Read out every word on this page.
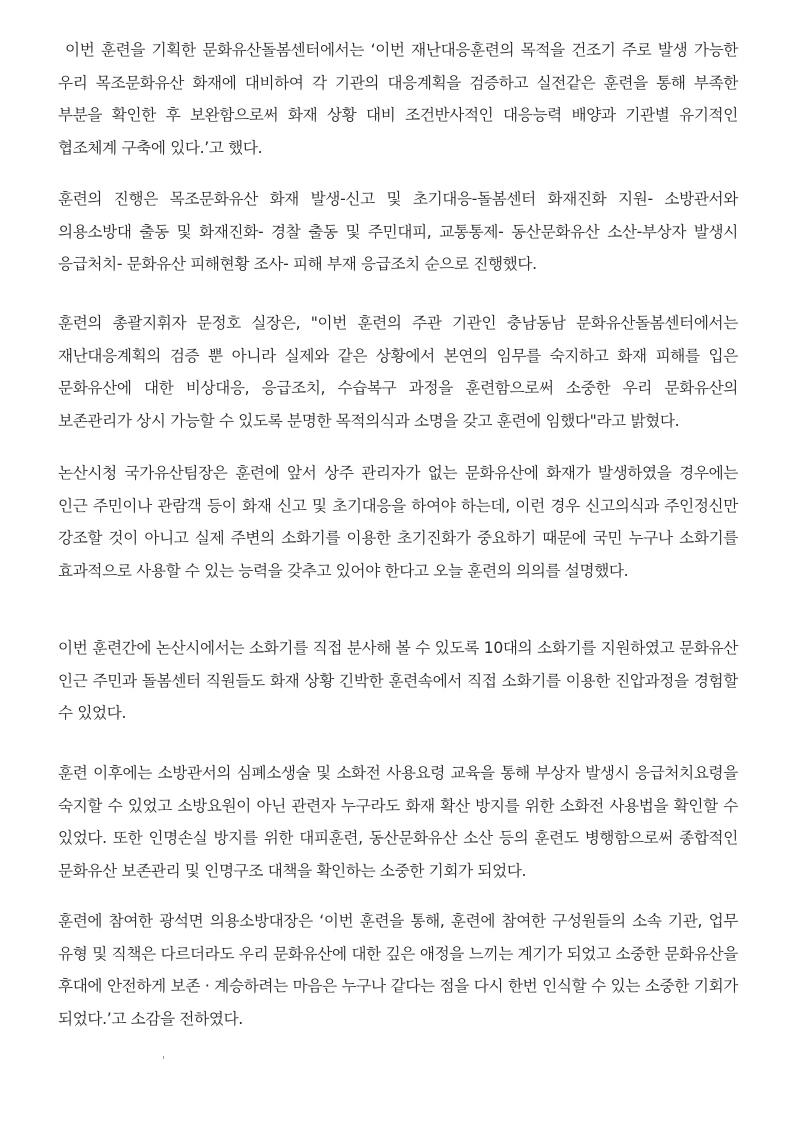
이번 훈련을 기획한 문화유산돌봄센터에서는 ‘이번 재난대응훈련의 목적을 건조기 주로 발생 가능한 우리 목조문화유산 화재에 대비하여 각 기관의 대응계획을 검증하고 실전같은 훈련을 통해 부족한 부분을 확인한 후 보완함으로써 화재 상황 대비 조건반사적인 대응능력 배양과 기관별 유기적인 협조체계 구축에 있다.’고 했다.

훈련의 진행은 목조문화유산 화재 발생-신고 및 초기대응-돌봄센터 화재진화 지원- 소방관서와 의용소방대 출동 및 화재진화- 경찰 출동 및 주민대피, 교통통제- 동산문화유산 소산-부상자 발생시 응급처치- 문화유산 피해현황 조사- 피해 부재 응급조치 순으로 진행했다.

훈련의 총괄지휘자 문정호 실장은, "이번 훈련의 주관 기관인 충남동남 문화유산돌봄센터에서는 재난대응계획의 검증 뿐 아니라 실제와 같은 상황에서 본연의 임무를 숙지하고 화재 피해를 입은 문화유산에 대한 비상대응, 응급조치, 수습복구 과정을 훈련함으로써 소중한 우리 문화유산의 보존관리가 상시 가능할 수 있도록 분명한 목적의식과 소명을 갖고 훈련에 임했다"라고 밝혔다.

논산시청 국가유산팀장은 훈련에 앞서 상주 관리자가 없는 문화유산에 화재가 발생하였을 경우에는 인근 주민이나 관람객 등이 화재 신고 및 초기대응을 하여야 하는데, 이런 경우 신고의식과 주인정신만 강조할 것이 아니고 실제 주변의 소화기를 이용한 초기진화가 중요하기 때문에 국민 누구나 소화기를 효과적으로 사용할 수 있는 능력을 갖추고 있어야 한다고 오늘 훈련의 의의를 설명했다.

이번 훈련간에 논산시에서는 소화기를 직접 분사해 볼 수 있도록 10대의 소화기를 지원하였고 문화유산 인근 주민과 돌봄센터 직원들도 화재 상황 긴박한 훈련속에서 직접 소화기를 이용한 진압과정을 경험할 수 있었다.

훈련 이후에는 소방관서의 심폐소생술 및 소화전 사용요령 교육을 통해 부상자 발생시 응급처치요령을 숙지할 수 있었고 소방요원이 아닌 관련자 누구라도 화재 확산 방지를 위한 소화전 사용법을 확인할 수 있었다. 또한 인명손실 방지를 위한 대피훈련, 동산문화유산 소산 등의 훈련도 병행함으로써 종합적인 문화유산 보존관리 및 인명구조 대책을 확인하는 소중한 기회가 되었다.

훈련에 참여한 광석면 의용소방대장은 ‘이번 훈련을 통해, 훈련에 참여한 구성원들의 소속 기관, 업무 유형 및 직책은 다르더라도 우리 문화유산에 대한 깊은 애정을 느끼는 계기가 되었고 소중한 문화유산을 후대에 안전하게 보존 · 계승하려는 마음은 누구나 같다는 점을 다시 한번 인식할 수 있는 소중한 기회가 되었다.’고 소감을 전하였다.
